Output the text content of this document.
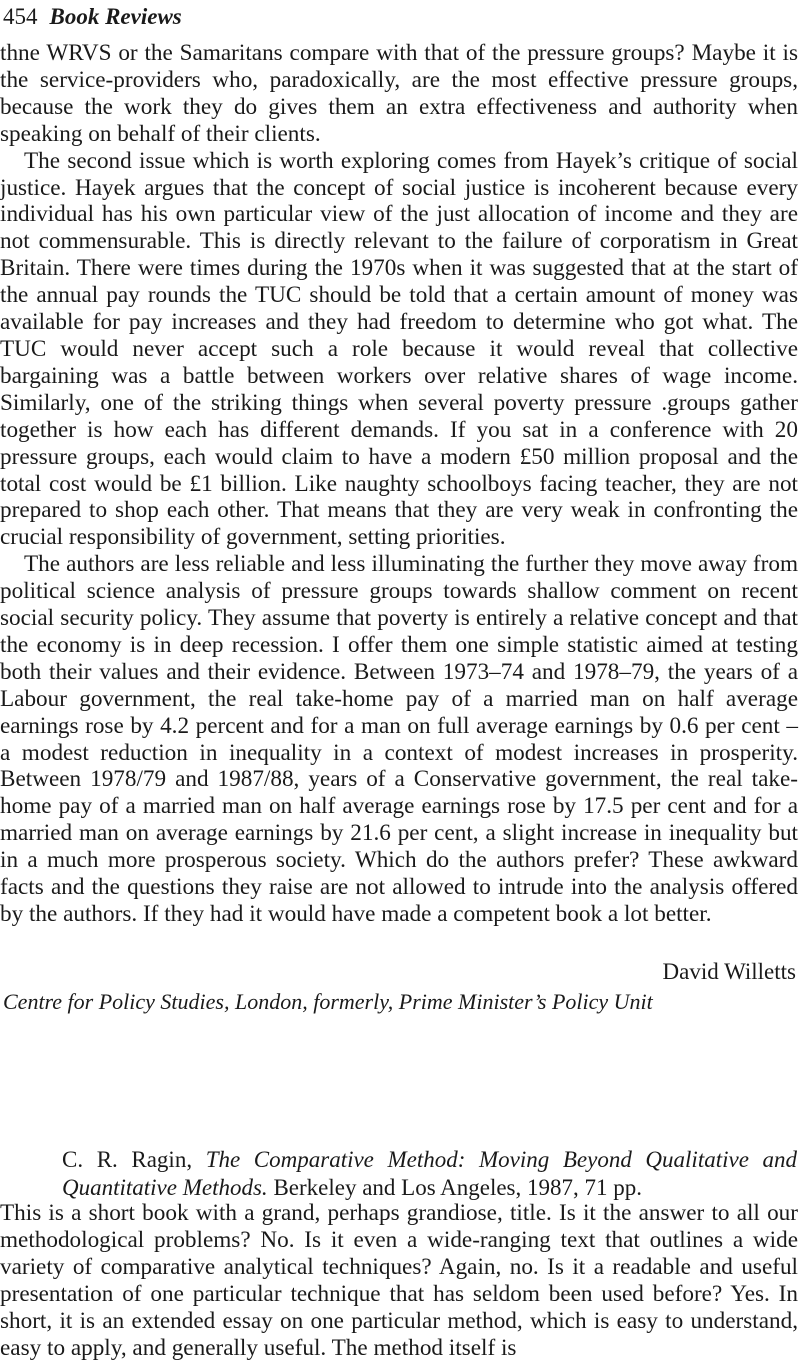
454 Book Reviews

thne WRVS or the Samaritans compare with that of the pressure groups? Maybe it is the service-providers who, paradoxically, are the most effective pressure groups, because the work they do gives them an extra effectiveness and authority when speaking on behalf of their clients.

The second issue which is worth exploring comes from Hayek’s critique of social justice. Hayek argues that the concept of social justice is incoherent because every individual has his own particular view of the just allocation of income and they are not commensurable. This is directly relevant to the failure of corporatism in Great Britain. There were times during the 1970s when it was suggested that at the start of the annual pay rounds the TUC should be told that a certain amount of money was available for pay increases and they had freedom to determine who got what. The TUC would never accept such a role because it would reveal that collective bargaining was a battle between workers over relative shares of wage income. Similarly, one of the striking things when several poverty pressure .groups gather together is how each has different demands. If you sat in a conference with 20 pressure groups, each would claim to have a modern £50 million proposal and the total cost would be £1 billion. Like naughty schoolboys facing teacher, they are not prepared to shop each other. That means that they are very weak in confronting the crucial responsibility of government, setting priorities.

The authors are less reliable and less illuminating the further they move away from political science analysis of pressure groups towards shallow comment on recent social security policy. They assume that poverty is entirely a relative concept and that the economy is in deep recession. I offer them one simple statistic aimed at testing both their values and their evidence. Between 1973–74 and 1978–79, the years of a Labour government, the real take-home pay of a married man on half average earnings rose by 4.2 percent and for a man on full average earnings by 0.6 per cent – a modest reduction in inequality in a context of modest increases in prosperity. Between 1978/79 and 1987/88, years of a Conservative government, the real take-home pay of a married man on half average earnings rose by 17.5 per cent and for a married man on average earnings by 21.6 per cent, a slight increase in inequality but in a much more prosperous society. Which do the authors prefer? These awkward facts and the questions they raise are not allowed to intrude into the analysis offered by the authors. If they had it would have made a competent book a lot better.

David Willetts
Centre for Policy Studies, London, formerly, Prime Minister’s Policy Unit
C. R. Ragin, The Comparative Method: Moving Beyond Qualitative and Quantitative Methods. Berkeley and Los Angeles, 1987, 71 pp.

This is a short book with a grand, perhaps grandiose, title. Is it the answer to all our methodological problems? No. Is it even a wide-ranging text that outlines a wide variety of comparative analytical techniques? Again, no. Is it a readable and useful presentation of one particular technique that has seldom been used before? Yes. In short, it is an extended essay on one particular method, which is easy to understand, easy to apply, and generally useful. The method itself is
